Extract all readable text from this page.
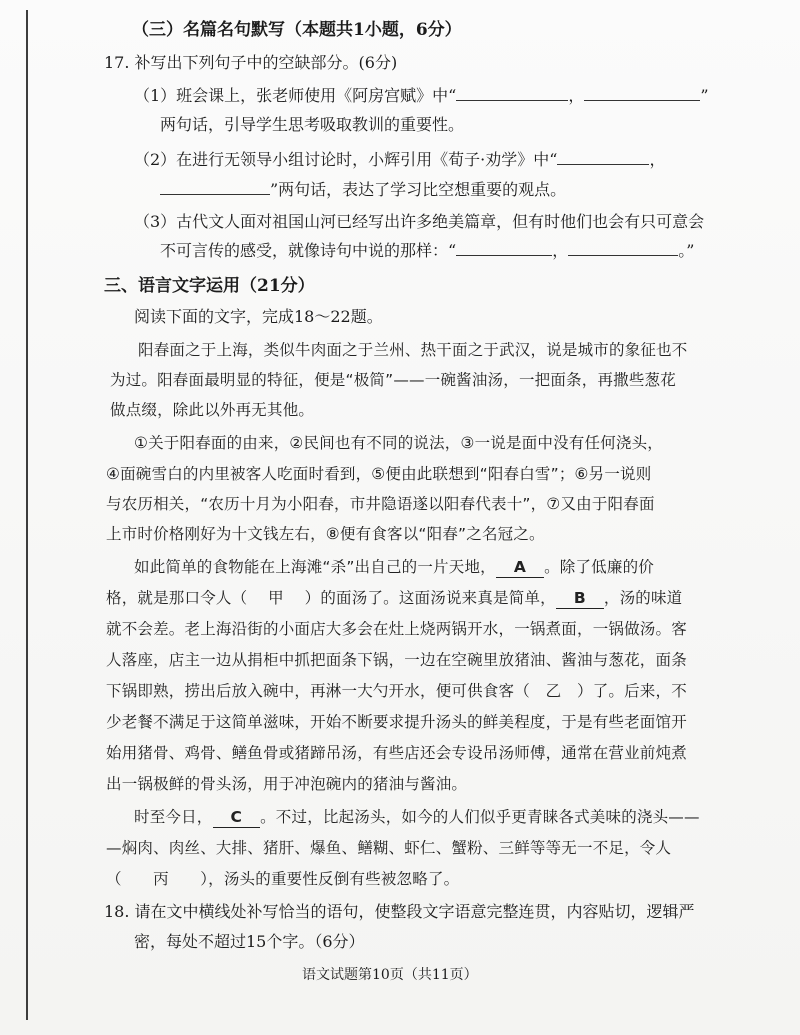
（三）名篇名句默写（本题共1小题，6分）
17. 补写出下列句子中的空缺部分。(6分)
（1）班会课上，张老师使用《阿房宫赋》中“	，	”
两句话，引导学生思考吸取教训的重要性。
（2）在进行无领导小组讨论时，小辉引用《荀子·劝学》中“	，
”两句话，表达了学习比空想重要的观点。
（3）古代文人面对祖国山河已经写出许多绝美篇章，但有时他们也会有只可意会
不可言传的感受，就像诗句中说的那样：“	，	。”
三、语言文字运用（21分）
阅读下面的文字，完成18～22题。
阳春面之于上海，类似牛肉面之于兰州、热干面之于武汉，说是城市的象征也不
为过。阳春面最明显的特征，便是“极简”——一碗酱油汤，一把面条，再撒些葱花
做点缀，除此以外再无其他。
①关于阳春面的由来，②民间也有不同的说法，③一说是面中没有任何浇头，
④面碗雪白的内里被客人吃面时看到，⑤便由此联想到“阳春白雪”；⑥另一说则
与农历相关，“农历十月为小阳春，市井隐语遂以阳春代表十”，⑦又由于阳春面
上市时价格刚好为十文钱左右，⑧便有食客以“阳春”之名冠之。
如此简单的食物能在上海滩“杀”出自己的一片天地， A 。除了低廉的价
格，就是那口令人（　 甲　 ）的面汤了。这面汤说来真是简单， B ，汤的味道
就不会差。老上海沿街的小面店大多会在灶上烧两锅开水，一锅煮面，一锅做汤。客
人落座，店主一边从捐柜中抓把面条下锅，一边在空碗里放猪油、酱油与葱花，面条
下锅即熟，捞出后放入碗中，再淋一大勺开水，便可供食客（　乙　）了。后来，不
少老餐不满足于这简单滋味，开始不断要求提升汤头的鲜美程度，于是有些老面馆开
始用猪骨、鸡骨、鳝鱼骨或猪蹄吊汤，有些店还会专设吊汤师傅，通常在营业前炖煮
出一锅极鲜的骨头汤，用于冲泡碗内的猪油与酱油。
时至今日， C 。不过，比起汤头，如今的人们似乎更青睐各式美味的浇头——
—焖肉、肉丝、大排、猪肝、爆鱼、鳝糊、虾仁、蟹粉、三鲜等等无一不足，令人
（　　丙　　），汤头的重要性反倒有些被忽略了。
18. 请在文中横线处补写恰当的语句，使整段文字语意完整连贯，内容贴切，逻辑严
密，每处不超过15个字。（6分）
语文试题第10页（共11页）
